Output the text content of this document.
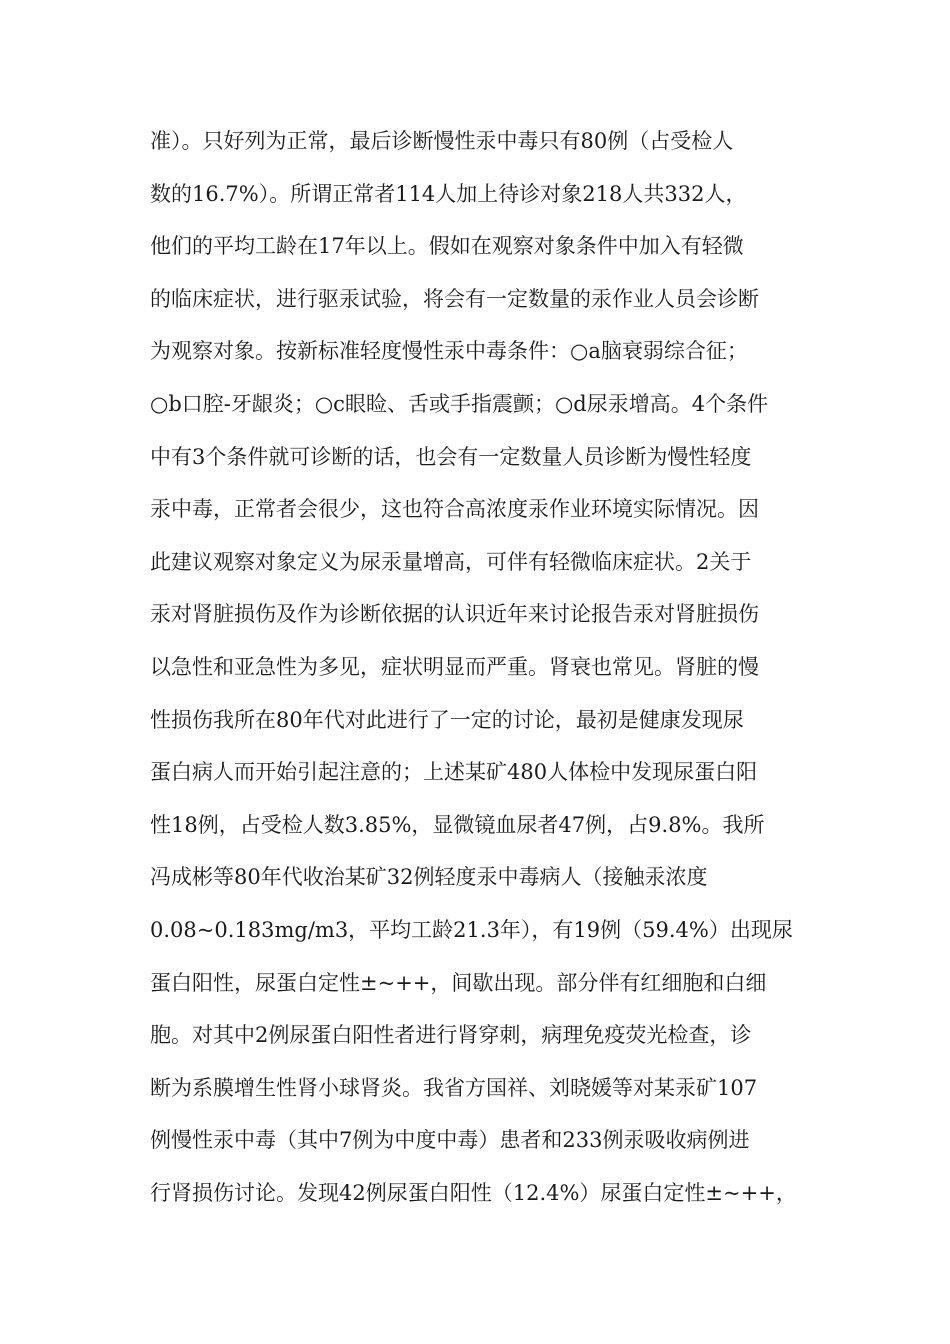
准）。只好列为正常，最后诊断慢性汞中毒只有80例（占受检人
数的16.7%）。所谓正常者114人加上待诊对象218人共332人，
他们的平均工龄在17年以上。假如在观察对象条件中加入有轻微
的临床症状，进行驱汞试验，将会有一定数量的汞作业人员会诊断
为观察对象。按新标准轻度慢性汞中毒条件：○a脑衰弱综合征；
○b口腔-牙龈炎；○c眼睑、舌或手指震颤；○d尿汞增高。4个条件
中有3个条件就可诊断的话，也会有一定数量人员诊断为慢性轻度
汞中毒，正常者会很少，这也符合高浓度汞作业环境实际情况。因
此建议观察对象定义为尿汞量增高，可伴有轻微临床症状。2关于
汞对肾脏损伤及作为诊断依据的认识近年来讨论报告汞对肾脏损伤
以急性和亚急性为多见，症状明显而严重。肾衰也常见。肾脏的慢
性损伤我所在80年代对此进行了一定的讨论，最初是健康发现尿
蛋白病人而开始引起注意的；上述某矿480人体检中发现尿蛋白阳
性18例，占受检人数3.85%，显微镜血尿者47例，占9.8%。我所
冯成彬等80年代收治某矿32例轻度汞中毒病人（接触汞浓度
0.08~0.183mg/m3，平均工龄21.3年），有19例（59.4%）出现尿
蛋白阳性，尿蛋白定性±~++，间歇出现。部分伴有红细胞和白细
胞。对其中2例尿蛋白阳性者进行肾穿刺，病理免疫荧光检查，诊
断为系膜增生性肾小球肾炎。我省方国祥、刘晓媛等对某汞矿107
例慢性汞中毒（其中7例为中度中毒）患者和233例汞吸收病例进
行肾损伤讨论。发现42例尿蛋白阳性（12.4%）尿蛋白定性±~++，
